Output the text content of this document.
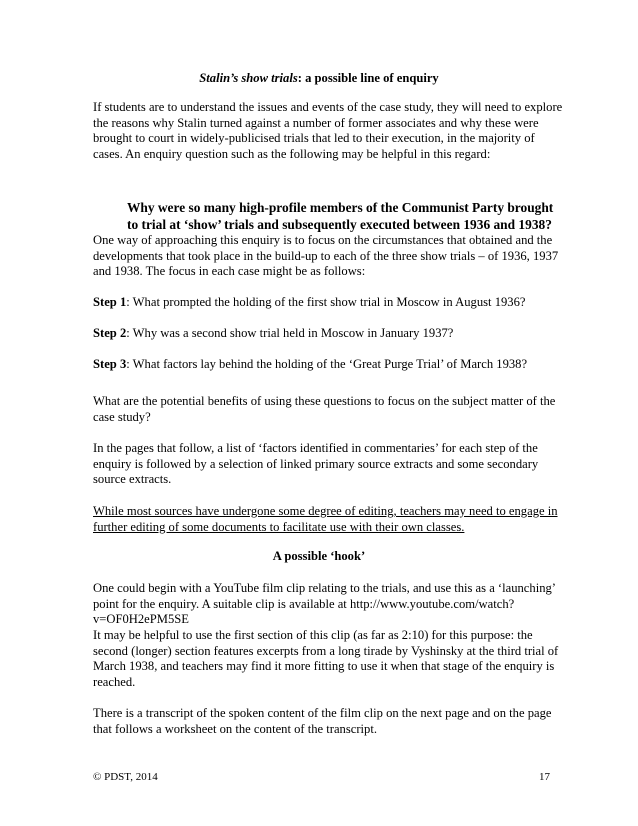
Stalin’s show trials: a possible line of enquiry

If students are to understand the issues and events of the case study, they will need to explore the reasons why Stalin turned against a number of former associates and why these were brought to court in widely-publicised trials that led to their execution, in the majority of cases. An enquiry question such as the following may be helpful in this regard:

Why were so many high-profile members of the Communist Party brought to trial at ‘show’ trials and subsequently executed between 1936 and 1938?

One way of approaching this enquiry is to focus on the circumstances that obtained and the developments that took place in the build-up to each of the three show trials – of 1936, 1937 and 1938. The focus in each case might be as follows:

Step 1: What prompted the holding of the first show trial in Moscow in August 1936?

Step 2: Why was a second show trial held in Moscow in January 1937?

Step 3: What factors lay behind the holding of the ‘Great Purge Trial’ of March 1938?

What are the potential benefits of using these questions to focus on the subject matter of the case study?

In the pages that follow, a list of ‘factors identified in commentaries’ for each step of the enquiry is followed by a selection of linked primary source extracts and some secondary source extracts.

While most sources have undergone some degree of editing, teachers may need to engage in further editing of some documents to facilitate use with their own classes.

A possible ‘hook’

One could begin with a YouTube film clip relating to the trials, and use this as a ‘launching’ point for the enquiry. A suitable clip is available at http://www.youtube.com/watch?v=OF0H2ePM5SE

It may be helpful to use the first section of this clip (as far as 2:10) for this purpose: the second (longer) section features excerpts from a long tirade by Vyshinsky at the third trial of March 1938, and teachers may find it more fitting to use it when that stage of the enquiry is reached.

There is a transcript of the spoken content of the film clip on the next page and on the page that follows a worksheet on the content of the transcript.

© PDST, 2014	17
